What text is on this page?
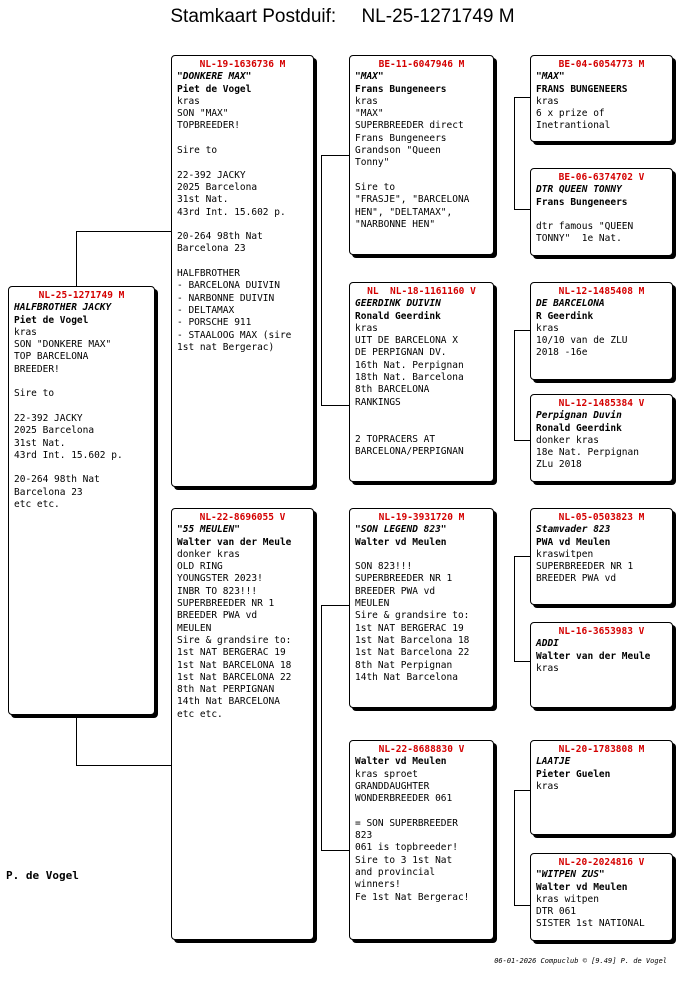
Stamkaart Postduif: NL-25-1271749 M
NL-25-1271749 M
HALFBROTHER JACKY
Piet de Vogel
kras
SON "DONKERE MAX"
TOP BARCELONA
BREEDER!

Sire to

22-392 JACKY
2025 Barcelona
31st Nat.
43rd Int. 15.602 p.

20-264 98th Nat
Barcelona 23
etc etc.
NL-19-1636736 M
"DONKERE MAX"
Piet de Vogel
kras
SON "MAX"
TOPBREEDER!

Sire to

22-392 JACKY
2025 Barcelona
31st Nat.
43rd Int. 15.602 p.

20-264 98th Nat
Barcelona 23

HALFBROTHER
- BARCELONA DUIVIN
- NARBONNE DUIVIN
- DELTAMAX
- PORSCHE 911
- STAALOOG MAX (sire
1st nat Bergerac)
NL-22-8696055 V
"55 MEULEN"
Walter van der Meule
donker kras
OLD RING
YOUNGSTER 2023!
INBR TO 823!!!
SUPERBREEDER NR 1
BREEDER PWA vd
MEULEN
Sire & grandsire to:
1st NAT BERGERAC 19
1st Nat BARCELONA 18
1st Nat BARCELONA 22
8th Nat PERPIGNAN
14th Nat BARCELONA
etc etc.
BE-11-6047946 M
"MAX"
Frans Bungeneers
kras
"MAX"
SUPERBREEDER direct
Frans Bungeneers
Grandson "Queen
Tonny"

Sire to
"FRASJE", "BARCELONA
HEN", "DELTAMAX",
"NARBONNE HEN"
NL  NL-18-1161160 V
GEERDINK DUIVIN
Ronald Geerdink
kras
UIT DE BARCELONA X
DE PERPIGNAN DV.
16th Nat. Perpignan
18th Nat. Barcelona
8th BARCELONA
RANKINGS

2 TOPRACERS AT
BARCELONA/PERPIGNAN
NL-19-3931720 M
"SON LEGEND 823"
Walter vd Meulen

SON 823!!!
SUPERBREEDER NR 1
BREEDER PWA vd
MEULEN
Sire & grandsire to:
1st NAT BERGERAC 19
1st Nat Barcelona 18
1st Nat Barcelona 22
8th Nat Perpignan
14th Nat Barcelona
NL-22-8688830 V
Walter vd Meulen
kras sproet
GRANDDAUGHTER
WONDERBREEDER 061

= SON SUPERBREEDER
823
061 is topbreeder!
Sire to 3 1st Nat
and provincial
winners!
Fe 1st Nat Bergerac!
BE-04-6054773 M
"MAX"
FRANS BUNGENEERS
kras
6 x prize of
Inetrantional
BE-06-6374702 V
DTR QUEEN TONNY
Frans Bungeneers

dtr famous "QUEEN
TONNY"  1e Nat.
NL-12-1485408 M
DE BARCELONA
R Geerdink
kras
10/10 van de ZLU
2018 -16e
NL-12-1485384 V
Perpignan Duvin
Ronald Geerdink
donker kras
18e Nat. Perpignan
ZLu 2018
NL-05-0503823 M
Stamvader 823
PWA vd Meulen
kraswitpen
SUPERBREEDER NR 1
BREEDER PWA vd
NL-16-3653983 V
ADDI
Walter van der Meule
kras
NL-20-1783808 M
LAATJE
Pieter Guelen
kras
NL-20-2024816 V
"WITPEN ZUS"
Walter vd Meulen
kras witpen
DTR 061
SISTER 1st NATIONAL
P. de Vogel
06-01-2026 Compuclub © [9.49] P. de Vogel
